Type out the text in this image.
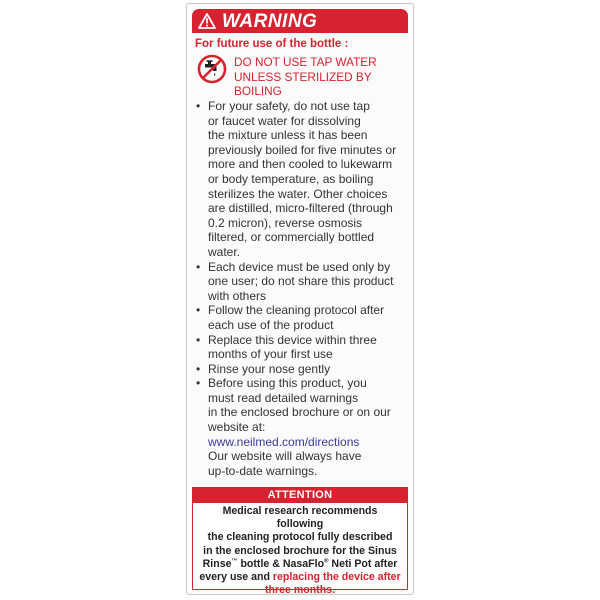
WARNING
For future use of the bottle :
DO NOT USE TAP WATER
UNLESS STERILIZED BY
BOILING
• For your safety, do not use tap
or faucet water for dissolving
the mixture unless it has been
previously boiled for five minutes or
more and then cooled to lukewarm
or body temperature, as boiling
sterilizes the water. Other choices
are distilled, micro-filtered (through
0.2 micron), reverse osmosis
filtered, or commercially bottled
water.
• Each device must be used only by
one user; do not share this product
with others
• Follow the cleaning protocol after
each use of the product
• Replace this device within three
months of your first use
• Rinse your nose gently
• Before using this product, you
must read detailed warnings
in the enclosed brochure or on our
website at:
www.neilmed.com/directions
Our website will always have
up-to-date warnings.
ATTENTION
Medical research recommends following
the cleaning protocol fully described
in the enclosed brochure for the Sinus
Rinse™ bottle & NasaFlo® Neti Pot after
every use and replacing the device after
three months.
